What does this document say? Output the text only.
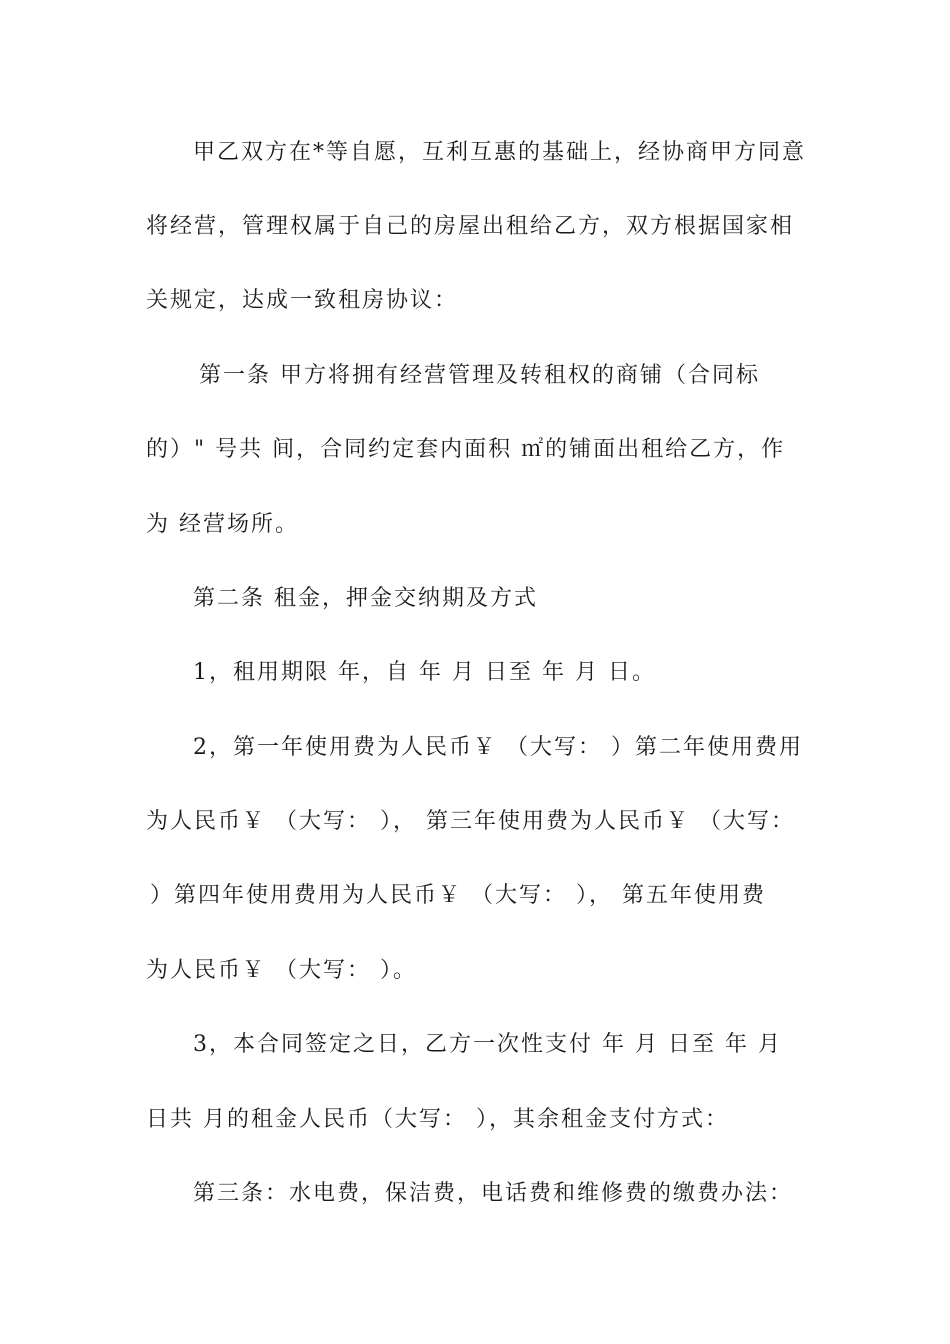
甲乙双方在*等自愿，互利互惠的基础上，经协商甲方同意
将经营，管理权属于自己的房屋出租给乙方，双方根据国家相
关规定，达成一致租房协议：
第一条 甲方将拥有经营管理及转租权的商铺（合同标
的）" 号共 间，合同约定套内面积 ㎡的铺面出租给乙方，作
为 经营场所。
第二条 租金，押金交纳期及方式
1，租用期限 年，自 年 月 日至 年 月 日。
2，第一年使用费为人民币￥ （大写： ）第二年使用费用
为人民币￥ （大写： ）， 第三年使用费为人民币￥ （大写：
）第四年使用费用为人民币￥ （大写： ）， 第五年使用费
为人民币￥ （大写： ）。
3，本合同签定之日，乙方一次性支付 年 月 日至 年 月
日共 月的租金人民币（大写： ），其余租金支付方式：
第三条：水电费，保洁费，电话费和维修费的缴费办法：
